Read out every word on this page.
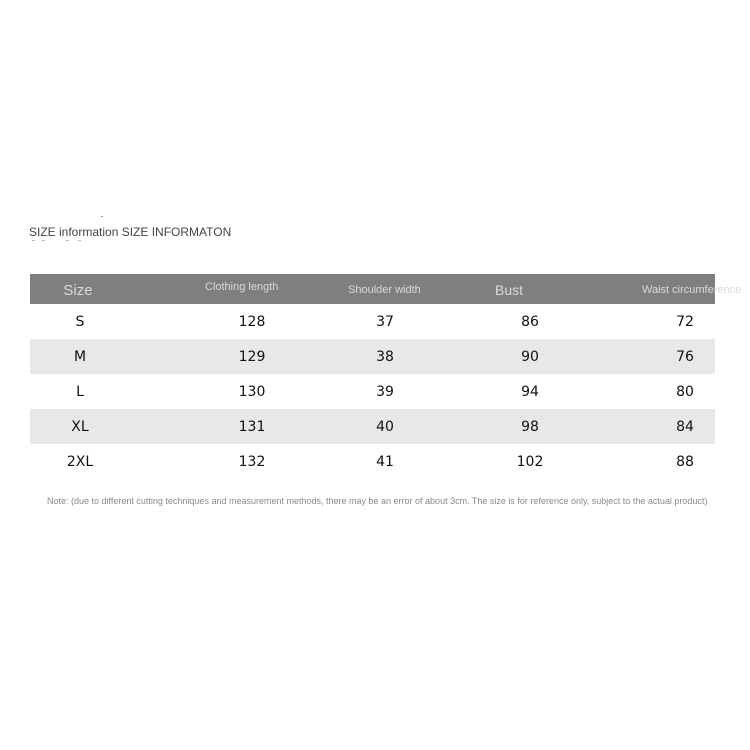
SIZE information SIZE INFORMATON
Size	Clothing length	Shoulder width	Bust	Waist circumference
S	128	37	86	72
M	129	38	90	76
L	130	39	94	80
XL	131	40	98	84
2XL	132	41	102	88
Note: (due to different cutting techniques and measurement methods, there may be an error of about 3cm. The size is for reference only, subject to the actual product)
